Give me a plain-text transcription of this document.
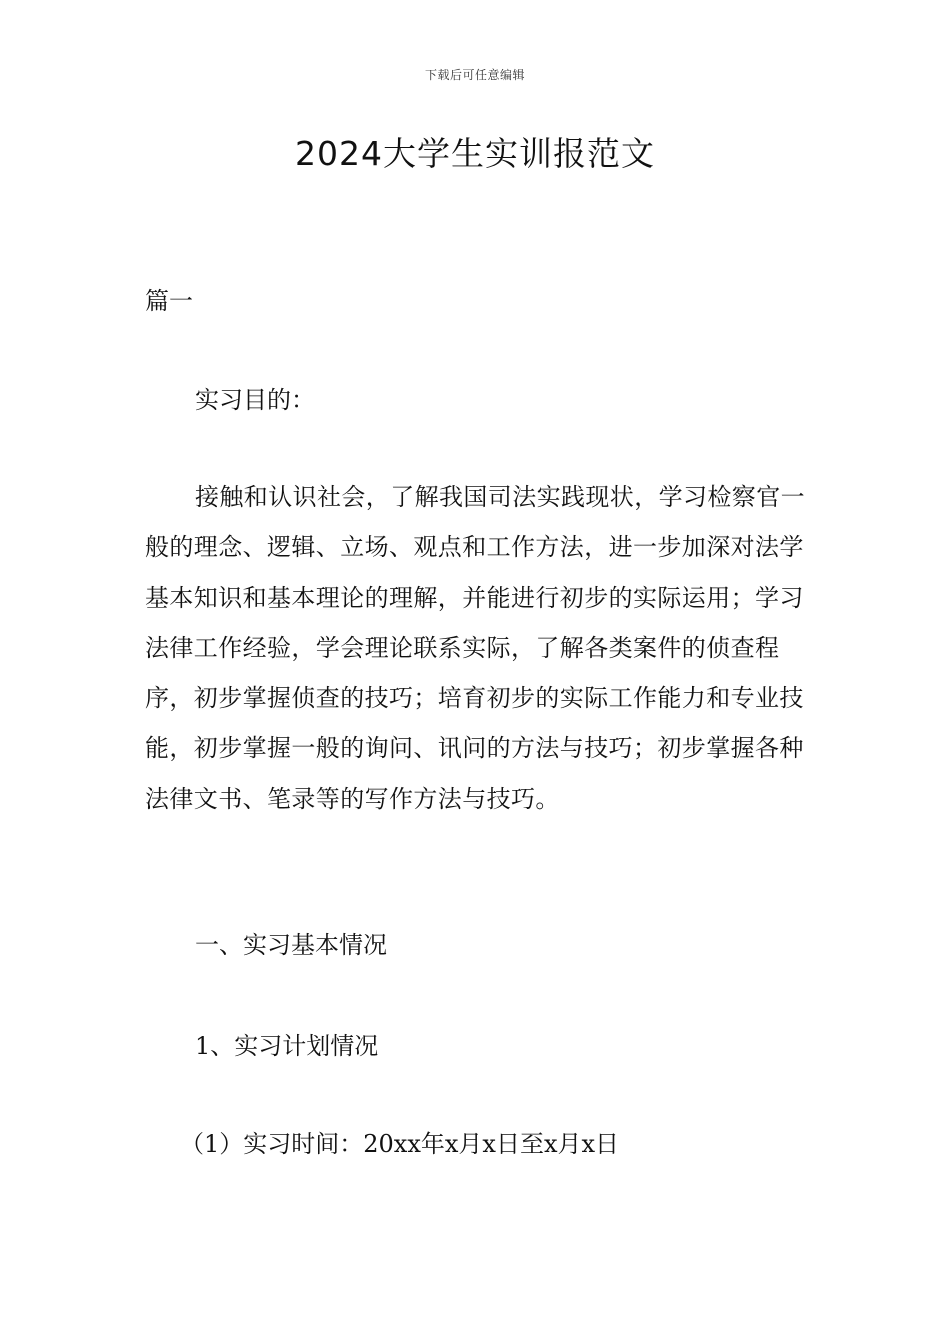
下载后可任意编辑
2024大学生实训报范文
篇一
实习目的：
接触和认识社会，了解我国司法实践现状，学习检察官一般的理念、逻辑、立场、观点和工作方法，进一步加深对法学基本知识和基本理论的理解，并能进行初步的实际运用；学习法律工作经验，学会理论联系实际，了解各类案件的侦查程序，初步掌握侦查的技巧；培育初步的实际工作能力和专业技能，初步掌握一般的询问、讯问的方法与技巧；初步掌握各种法律文书、笔录等的写作方法与技巧。
一、实习基本情况
1、实习计划情况
（1）实习时间：20xx年x月x日至x月x日
